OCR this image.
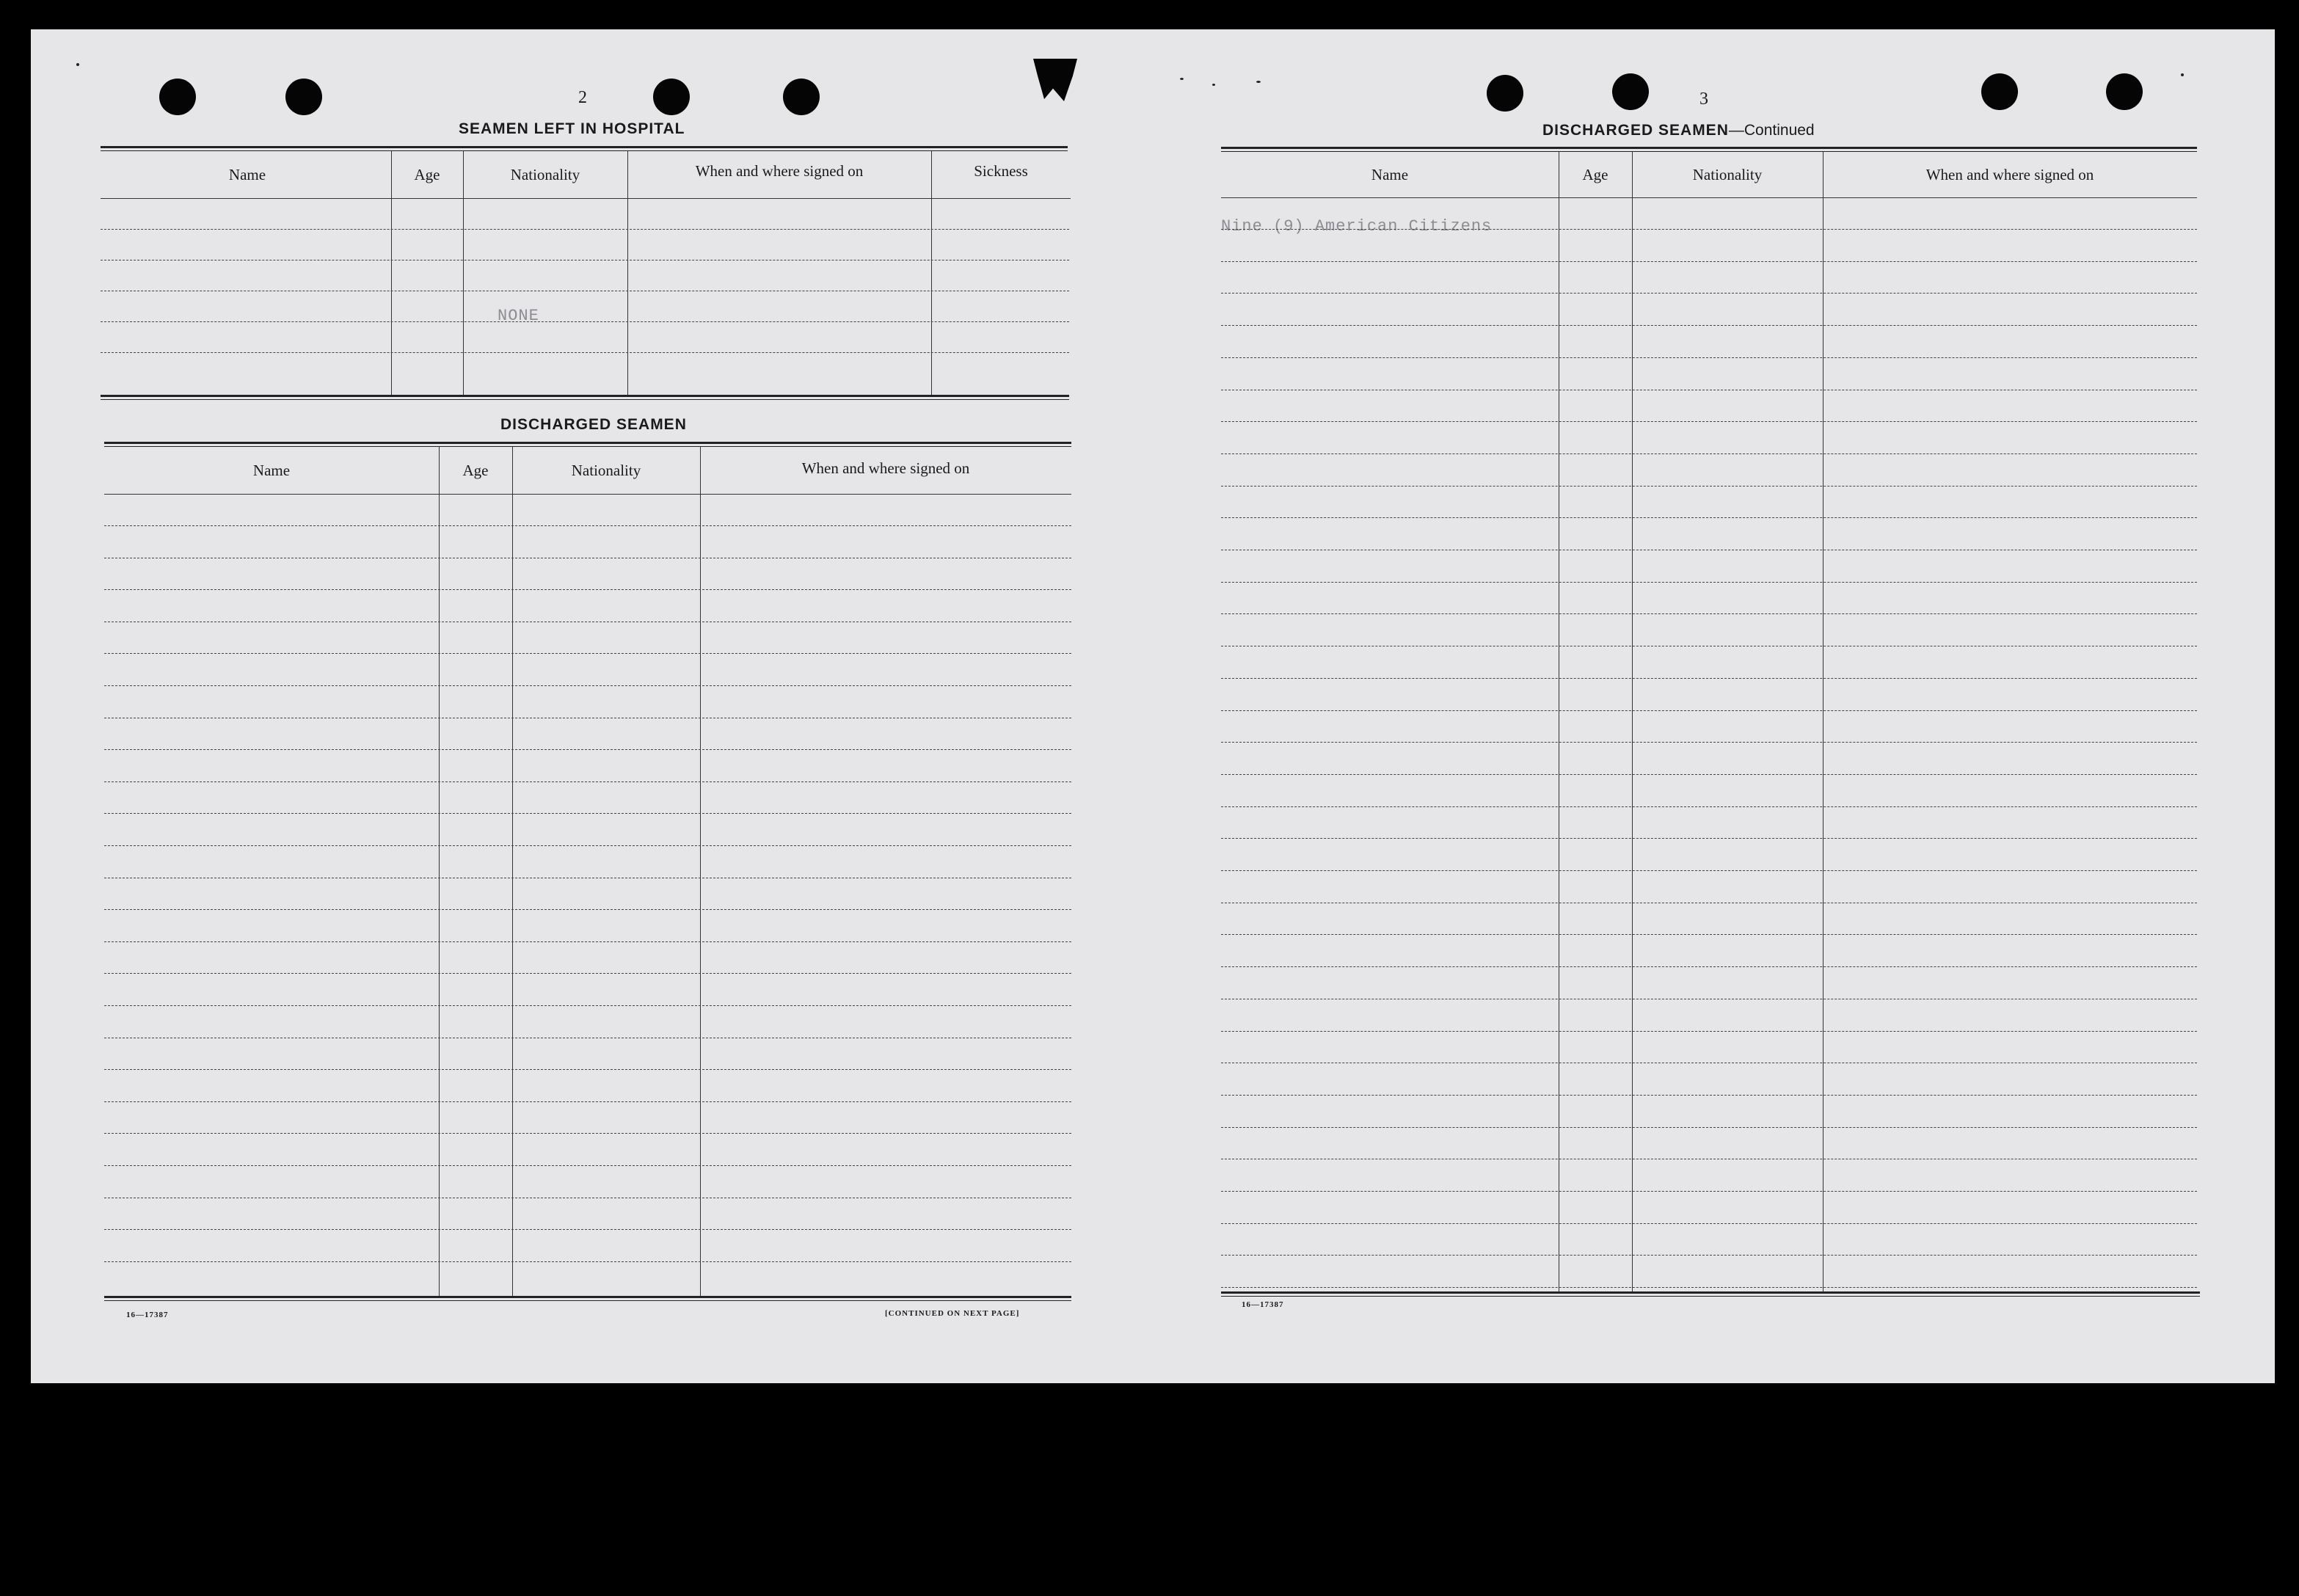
2
SEAMEN LEFT IN HOSPITAL
Name	Age	Nationality	When and where signed on	Sickness
NONE
DISCHARGED SEAMEN
Name	Age	Nationality	When and where signed on
16—17387	[CONTINUED ON NEXT PAGE]
3
DISCHARGED SEAMEN—Continued
Name	Age	Nationality	When and where signed on
Nine (9) American Citizens
16—17387
